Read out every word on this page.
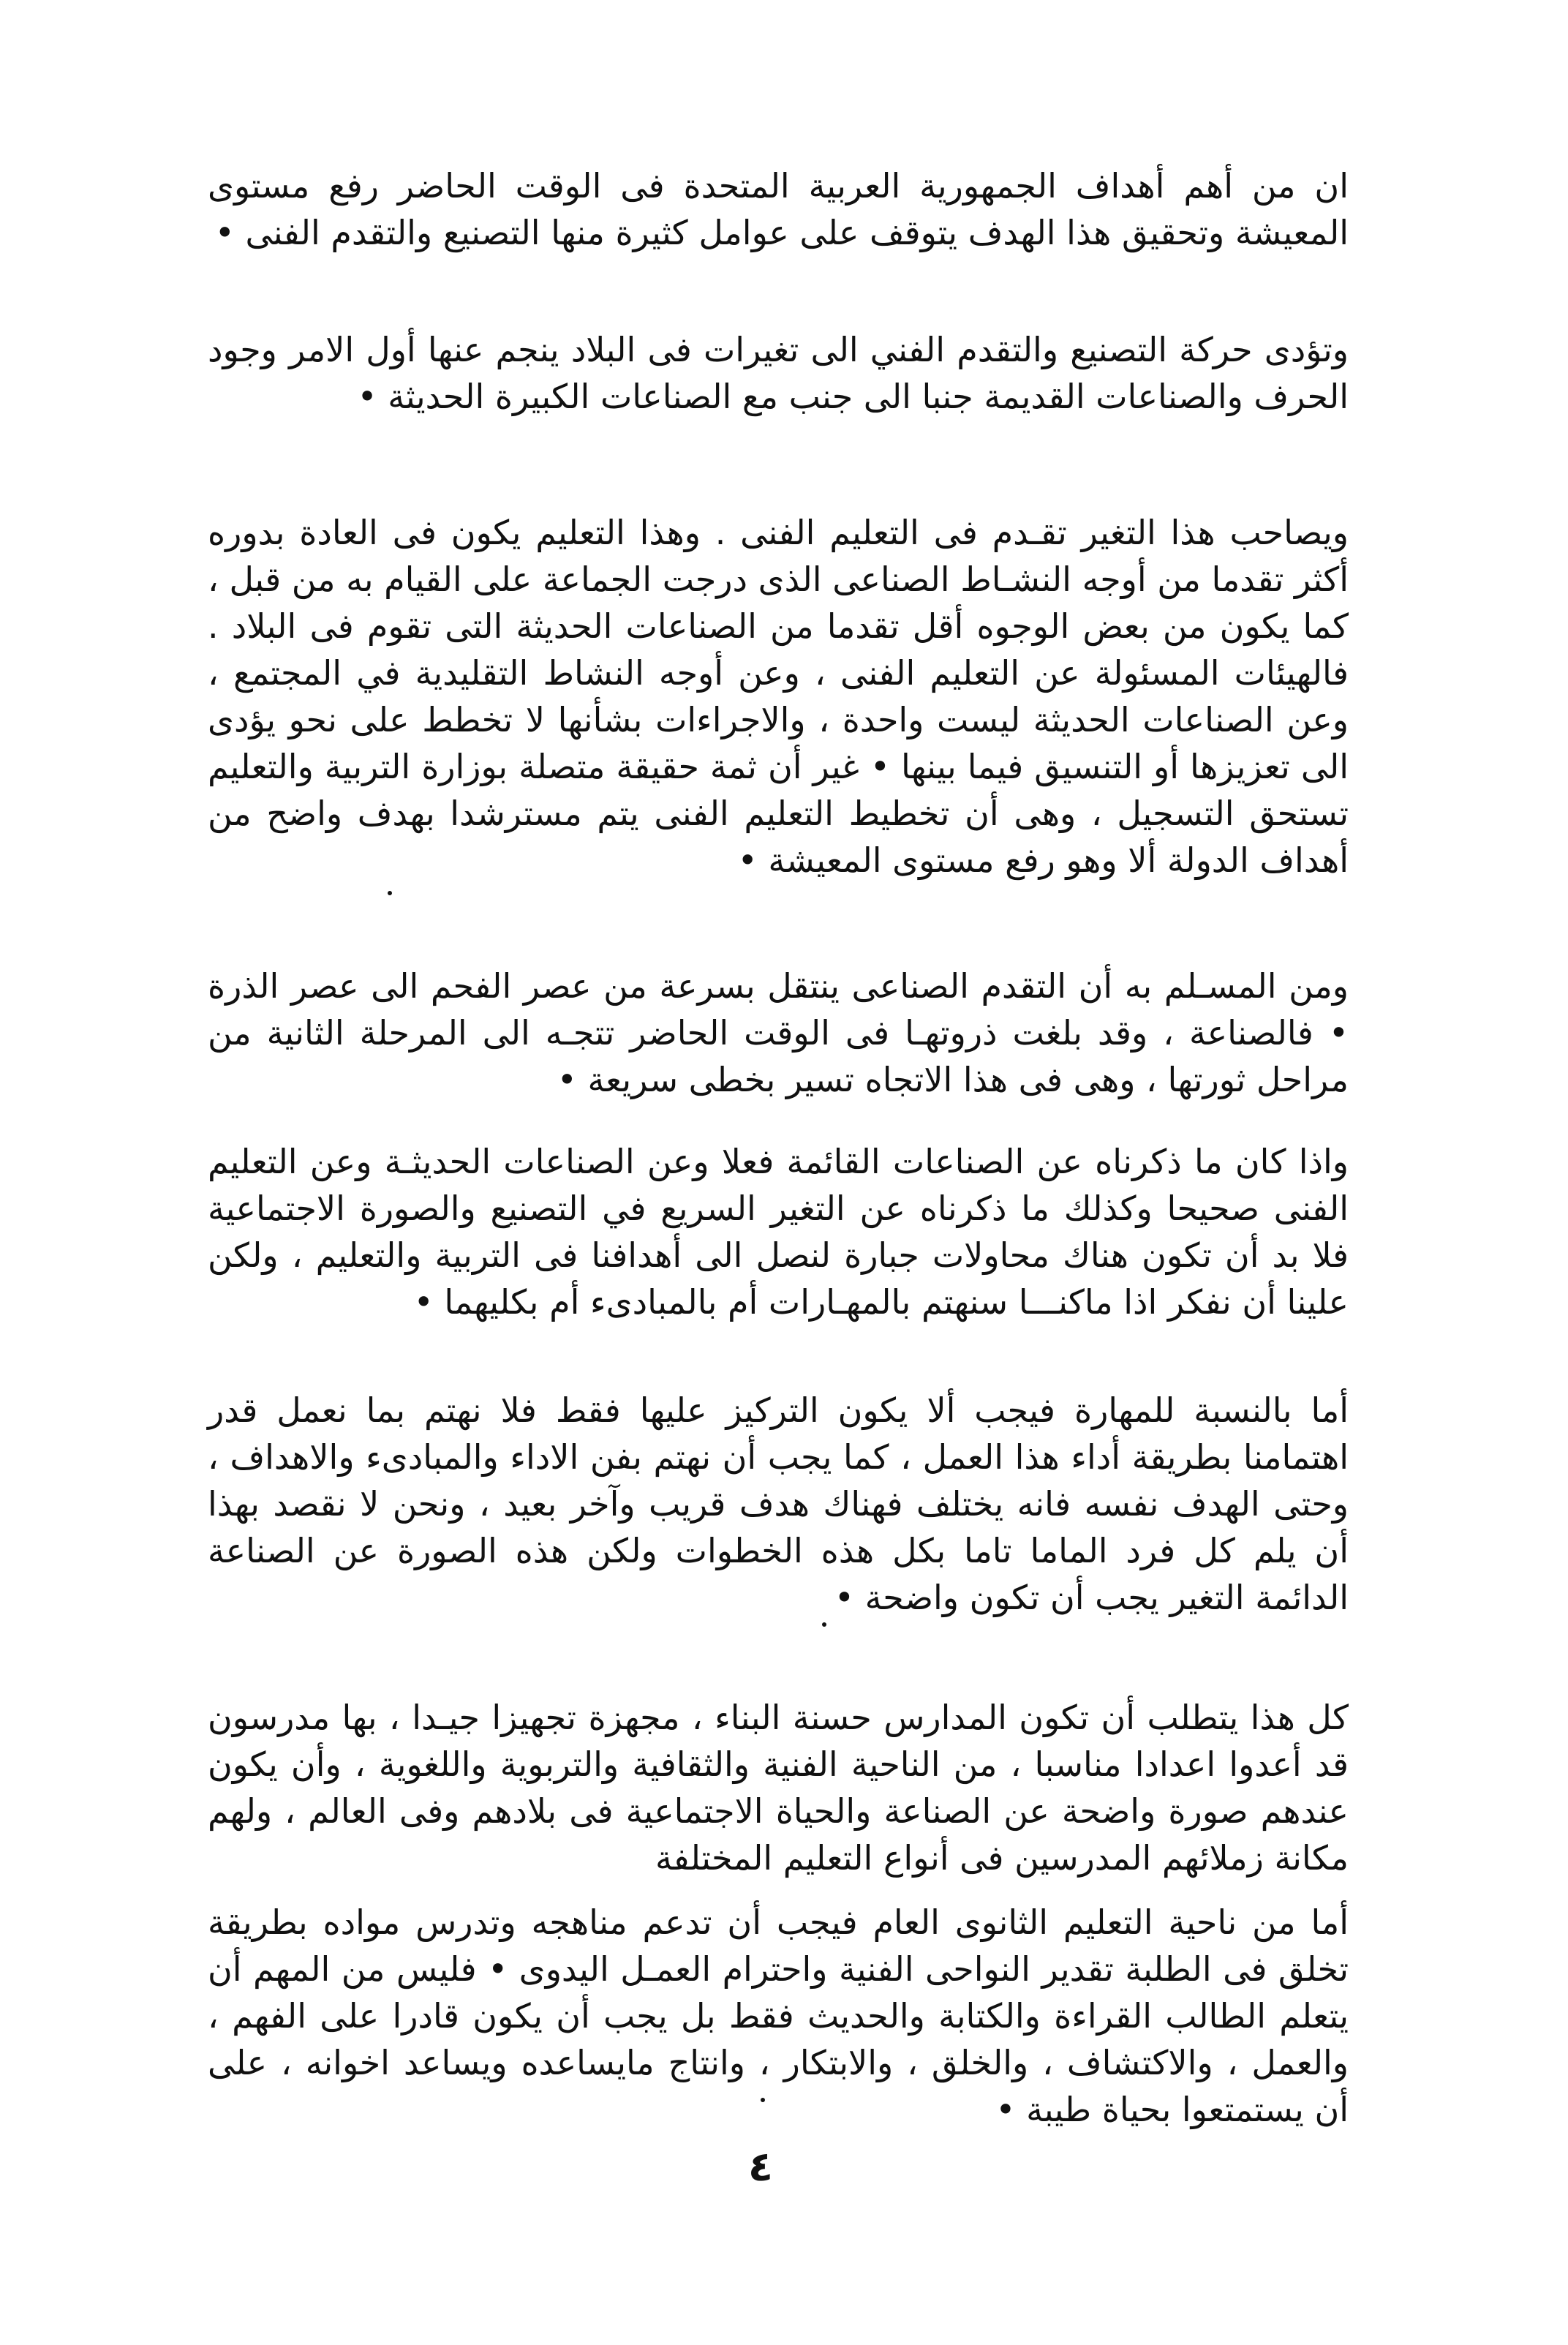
ان من أهم أهداف الجمهورية العربية المتحدة فى الوقت الحاضر رفع مستوى المعيشة وتحقيق هذا الهدف يتوقف على عوامل كثيرة منها التصنيع والتقدم الفنى •

وتؤدى حركة التصنيع والتقدم الفني الى تغيرات فى البلاد ينجم عنها أول الامر وجود الحرف والصناعات القديمة جنبا الى جنب مع الصناعات الكبيرة الحديثة •

ويصاحب هذا التغير تقـدم فى التعليم الفنى . وهذا التعليم يكون فى العادة بدوره أكثر تقدما من أوجه النشـاط الصناعى الذى درجت الجماعة على القيام به من قبل ، كما يكون من بعض الوجوه أقل تقدما من الصناعات الحديثة التى تقوم فى البلاد . فالهيئات المسئولة عن التعليم الفنى ، وعن أوجه النشاط التقليدية في المجتمع ، وعن الصناعات الحديثة ليست واحدة ، والاجراءات بشأنها لا تخطط على نحو يؤدى الى تعزيزها أو التنسيق فيما بينها • غير أن ثمة حقيقة متصلة بوزارة التربية والتعليم تستحق التسجيل ، وهى أن تخطيط التعليم الفنى يتم مسترشدا بهدف واضح من أهداف الدولة ألا وهو رفع مستوى المعيشة •

ومن المسـلم به أن التقدم الصناعى ينتقل بسرعة من عصر الفحم الى عصر الذرة • فالصناعة ، وقد بلغت ذروتهـا فى الوقت الحاضر تتجـه الى المرحلة الثانية من مراحل ثورتها ، وهى فى هذا الاتجاه تسير بخطى سريعة •

واذا كان ما ذكرناه عن الصناعات القائمة فعلا وعن الصناعات الحديثـة وعن التعليم الفنى صحيحا وكذلك ما ذكرناه عن التغير السريع في التصنيع والصورة الاجتماعية فلا بد أن تكون هناك محاولات جبارة لنصل الى أهدافنا فى التربية والتعليم ، ولكن علينا أن نفكر اذا ماكنـــا سنهتم بالمهـارات أم بالمبادىء أم بكليهما •

أما بالنسبة للمهارة فيجب ألا يكون التركيز عليها فقط فلا نهتم بما نعمل قدر اهتمامنا بطريقة أداء هذا العمل ، كما يجب أن نهتم بفن الاداء والمبادىء والاهداف ، وحتى الهدف نفسه فانه يختلف فهناك هدف قريب وآخر بعيد ، ونحن لا نقصد بهذا أن يلم كل فرد الماما تاما بكل هذه الخطوات ولكن هذه الصورة عن الصناعة الدائمة التغير يجب أن تكون واضحة •

كل هذا يتطلب أن تكون المدارس حسنة البناء ، مجهزة تجهيزا جيـدا ، بها مدرسون قد أعدوا اعدادا مناسبا ، من الناحية الفنية والثقافية والتربوية واللغوية ، وأن يكون عندهم صورة واضحة عن الصناعة والحياة الاجتماعية فى بلادهم وفى العالم ، ولهم مكانة زملائهم المدرسين فى أنواع التعليم المختلفة

أما من ناحية التعليم الثانوى العام فيجب أن تدعم مناهجه وتدرس مواده بطريقة تخلق فى الطلبة تقدير النواحى الفنية واحترام العمـل اليدوى • فليس من المهم أن يتعلم الطالب القراءة والكتابة والحديث فقط بل يجب أن يكون قادرا على الفهم ، والعمل ، والاكتشاف ، والخلق ، والابتكار ، وانتاج مايساعده ويساعد اخوانه ، على أن يستمتعوا بحياة طيبة •

٤
